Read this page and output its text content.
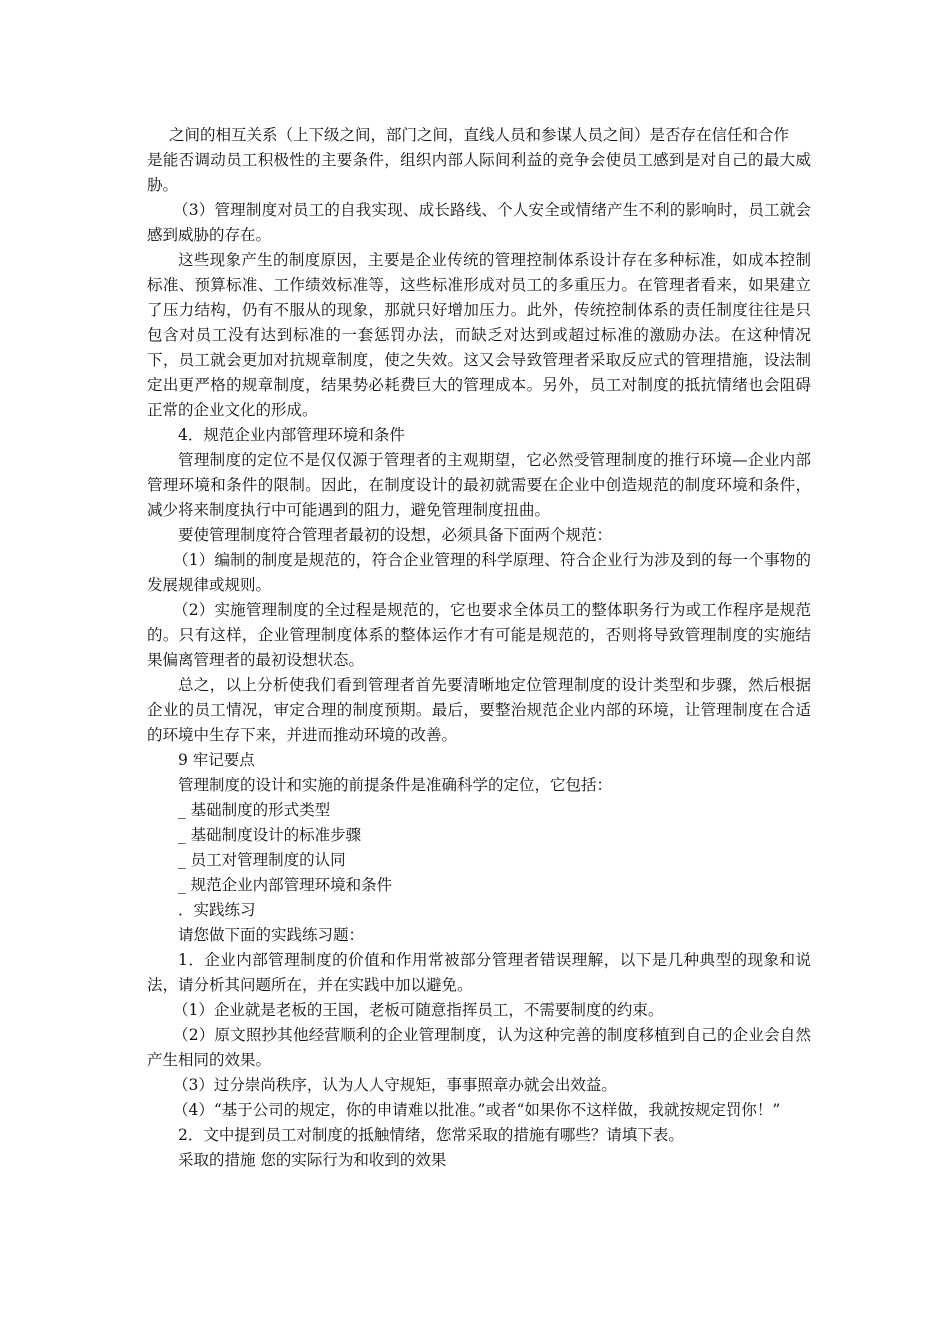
之间的相互关系（上下级之间，部门之间，直线人员和参谋人员之间）是否存在信任和合作

是能否调动员工积极性的主要条件，组织内部人际间利益的竞争会使员工感到是对自己的最大威胁。

（3）管理制度对员工的自我实现、成长路线、个人安全或情绪产生不利的影响时，员工就会感到威胁的存在。

这些现象产生的制度原因，主要是企业传统的管理控制体系设计存在多种标准，如成本控制标准、预算标准、工作绩效标准等，这些标准形成对员工的多重压力。在管理者看来，如果建立了压力结构，仍有不服从的现象，那就只好增加压力。此外，传统控制体系的责任制度往往是只包含对员工没有达到标准的一套惩罚办法，而缺乏对达到或超过标准的激励办法。在这种情况下，员工就会更加对抗规章制度，使之失效。这又会导致管理者采取反应式的管理措施，设法制定出更严格的规章制度，结果势必耗费巨大的管理成本。另外，员工对制度的抵抗情绪也会阻碍正常的企业文化的形成。

4．规范企业内部管理环境和条件

管理制度的定位不是仅仅源于管理者的主观期望，它必然受管理制度的推行环境—企业内部管理环境和条件的限制。因此，在制度设计的最初就需要在企业中创造规范的制度环境和条件，减少将来制度执行中可能遇到的阻力，避免管理制度扭曲。

要使管理制度符合管理者最初的设想，必须具备下面两个规范：

（1）编制的制度是规范的，符合企业管理的科学原理、符合企业行为涉及到的每一个事物的发展规律或规则。

（2）实施管理制度的全过程是规范的，它也要求全体员工的整体职务行为或工作程序是规范的。只有这样，企业管理制度体系的整体运作才有可能是规范的，否则将导致管理制度的实施结果偏离管理者的最初设想状态。

总之，以上分析使我们看到管理者首先要清晰地定位管理制度的设计类型和步骤，然后根据企业的员工情况，审定合理的制度预期。最后，要整治规范企业内部的环境，让管理制度在合适的环境中生存下来，并进而推动环境的改善。

9 牢记要点

管理制度的设计和实施的前提条件是准确科学的定位，它包括：

_ 基础制度的形式类型

_ 基础制度设计的标准步骤

_ 员工对管理制度的认同

_ 规范企业内部管理环境和条件

．实践练习

请您做下面的实践练习题：

1．企业内部管理制度的价值和作用常被部分管理者错误理解，以下是几种典型的现象和说法，请分析其问题所在，并在实践中加以避免。

（1）企业就是老板的王国，老板可随意指挥员工，不需要制度的约束。

（2）原文照抄其他经营顺利的企业管理制度，认为这种完善的制度移植到自己的企业会自然产生相同的效果。

（3）过分崇尚秩序，认为人人守规矩，事事照章办就会出效益。

（4）“基于公司的规定，你的申请难以批准。”或者“如果你不这样做，我就按规定罚你！”

2．文中提到员工对制度的抵触情绪，您常采取的措施有哪些？请填下表。

采取的措施 您的实际行为和收到的效果
